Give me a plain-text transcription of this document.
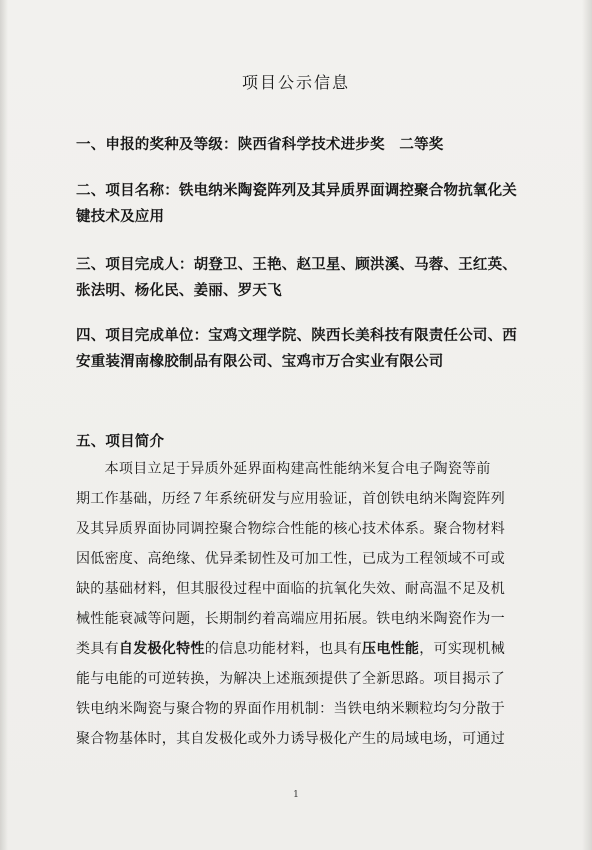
项目公示信息
一、申报的奖种及等级：陕西省科学技术进步奖　二等奖
二、项目名称：铁电纳米陶瓷阵列及其异质界面调控聚合物抗氧化关
键技术及应用
三、项目完成人：胡登卫、王艳、赵卫星、顾洪溪、马蓉、王红英、
张法明、杨化民、姜丽、罗天飞
四、项目完成单位：宝鸡文理学院、陕西长美科技有限责任公司、西
安重装渭南橡胶制品有限公司、宝鸡市万合实业有限公司
五、项目简介
　　本项目立足于异质外延界面构建高性能纳米复合电子陶瓷等前
期工作基础，历经７年系统研发与应用验证，首创铁电纳米陶瓷阵列
及其异质界面协同调控聚合物综合性能的核心技术体系。聚合物材料
因低密度、高绝缘、优异柔韧性及可加工性，已成为工程领域不可或
缺的基础材料，但其服役过程中面临的抗氧化失效、耐高温不足及机
械性能衰减等问题，长期制约着高端应用拓展。铁电纳米陶瓷作为一
类具有自发极化特性的信息功能材料，也具有压电性能，可实现机械
能与电能的可逆转换，为解决上述瓶颈提供了全新思路。项目揭示了
铁电纳米陶瓷与聚合物的界面作用机制：当铁电纳米颗粒均匀分散于
聚合物基体时，其自发极化或外力诱导极化产生的局域电场，可通过
1
